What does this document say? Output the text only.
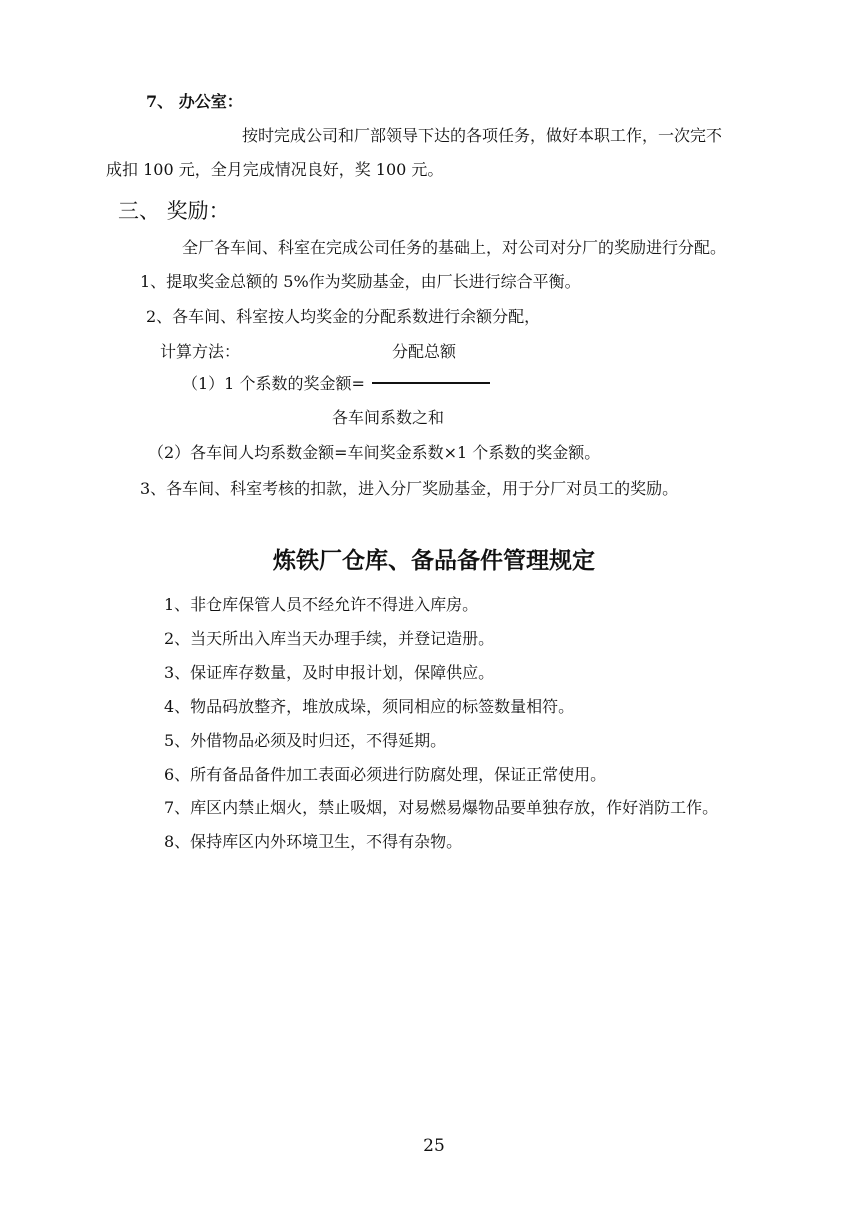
7、 办公室：
按时完成公司和厂部领导下达的各项任务，做好本职工作，一次完不
成扣 100 元，全月完成情况良好，奖 100 元。
三、 奖励：
全厂各车间、科室在完成公司任务的基础上，对公司对分厂的奖励进行分配。
1、提取奖金总额的 5%作为奖励基金，由厂长进行综合平衡。
2、各车间、科室按人均奖金的分配系数进行余额分配，
计算方法：	分配总额
（1）1 个系数的奖金额=
各车间系数之和
（2）各车间人均系数金额=车间奖金系数×1 个系数的奖金额。
3、各车间、科室考核的扣款，进入分厂奖励基金，用于分厂对员工的奖励。
炼铁厂仓库、备品备件管理规定
1、非仓库保管人员不经允许不得进入库房。
2、当天所出入库当天办理手续，并登记造册。
3、保证库存数量，及时申报计划，保障供应。
4、物品码放整齐，堆放成垛，须同相应的标签数量相符。
5、外借物品必须及时归还，不得延期。
6、所有备品备件加工表面必须进行防腐处理，保证正常使用。
7、库区内禁止烟火，禁止吸烟，对易燃易爆物品要单独存放，作好消防工作。
8、保持库区内外环境卫生，不得有杂物。
25
